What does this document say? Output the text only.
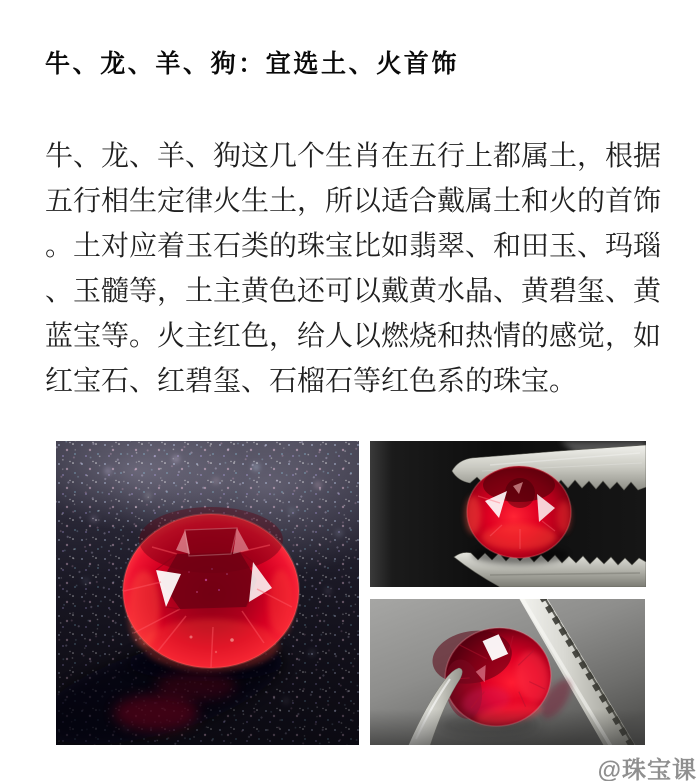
牛、龙、羊、狗：宜选土、火首饰
牛、龙、羊、狗这几个生肖在五行上都属土，根据
五行相生定律火生土，所以适合戴属土和火的首饰
。土对应着玉石类的珠宝比如翡翠、和田玉、玛瑙
、玉髓等，土主黄色还可以戴黄水晶、黄碧玺、黄
蓝宝等。火主红色，给人以燃烧和热情的感觉，如
红宝石、红碧玺、石榴石等红色系的珠宝。
@珠宝课
